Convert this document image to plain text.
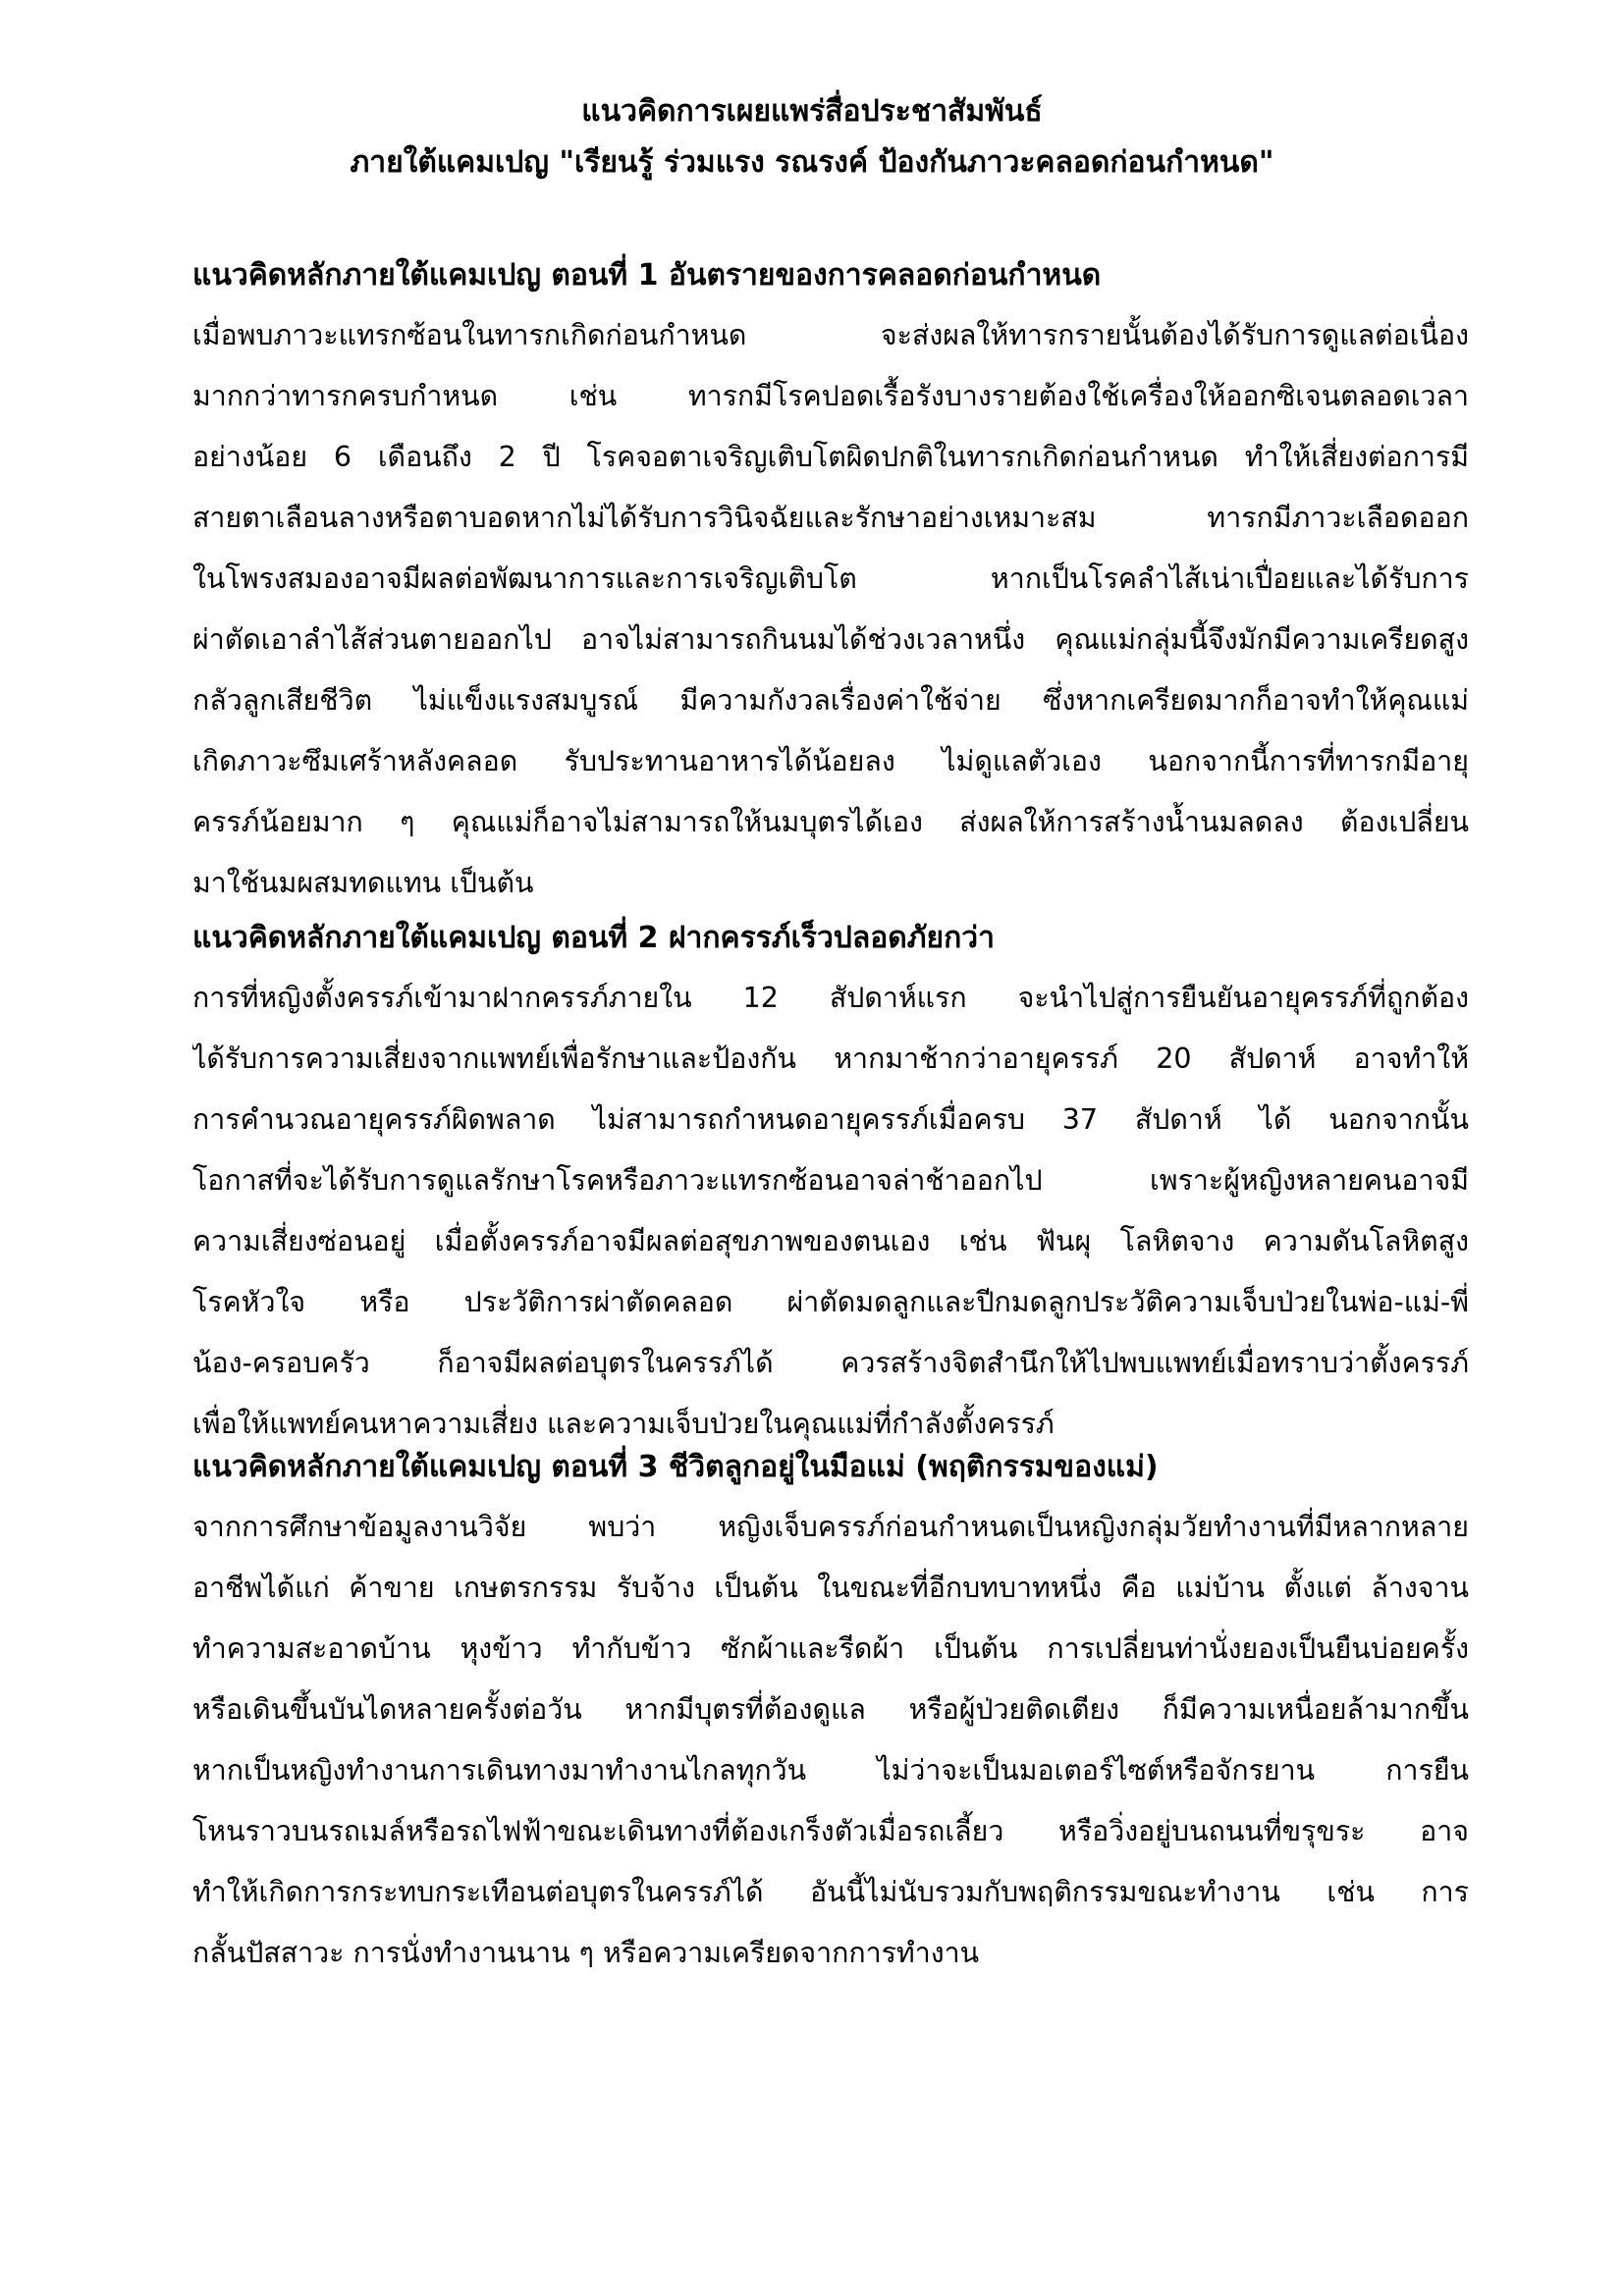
แนวคิดการเผยแพร่สื่อประชาสัมพันธ์
ภายใต้แคมเปญ "เรียนรู้ ร่วมแรง รณรงค์ ป้องกันภาวะคลอดก่อนกำหนด"
แนวคิดหลักภายใต้แคมเปญ ตอนที่ 1 อันตรายของการคลอดก่อนกำหนด
เมื่อพบภาวะแทรกซ้อนในทารกเกิดก่อนกำหนด จะส่งผลให้ทารกรายนั้นต้องได้รับการดูแลต่อเนื่อง
มากกว่าทารกครบกำหนด เช่น ทารกมีโรคปอดเรื้อรังบางรายต้องใช้เครื่องให้ออกซิเจนตลอดเวลา
อย่างน้อย 6 เดือนถึง 2 ปี โรคจอตาเจริญเติบโตผิดปกติในทารกเกิดก่อนกำหนด ทำให้เสี่ยงต่อการมี
สายตาเลือนลางหรือตาบอดหากไม่ได้รับการวินิจฉัยและรักษาอย่างเหมาะสม ทารกมีภาวะเลือดออก
ในโพรงสมองอาจมีผลต่อพัฒนาการและการเจริญเติบโต หากเป็นโรคลำไส้เน่าเปื่อยและได้รับการ
ผ่าตัดเอาลำไส้ส่วนตายออกไป อาจไม่สามารถกินนมได้ช่วงเวลาหนึ่ง คุณแม่กลุ่มนี้จึงมักมีความเครียดสูง
กลัวลูกเสียชีวิต ไม่แข็งแรงสมบูรณ์ มีความกังวลเรื่องค่าใช้จ่าย ซึ่งหากเครียดมากก็อาจทำให้คุณแม่
เกิดภาวะซึมเศร้าหลังคลอด รับประทานอาหารได้น้อยลง ไม่ดูแลตัวเอง นอกจากนี้การที่ทารกมีอายุ
ครรภ์น้อยมาก ๆ คุณแม่ก็อาจไม่สามารถให้นมบุตรได้เอง ส่งผลให้การสร้างน้ำนมลดลง ต้องเปลี่ยน
มาใช้นมผสมทดแทน เป็นต้น
แนวคิดหลักภายใต้แคมเปญ ตอนที่ 2 ฝากครรภ์เร็วปลอดภัยกว่า
การที่หญิงตั้งครรภ์เข้ามาฝากครรภ์ภายใน 12 สัปดาห์แรก จะนำไปสู่การยืนยันอายุครรภ์ที่ถูกต้อง
ได้รับการความเสี่ยงจากแพทย์เพื่อรักษาและป้องกัน หากมาช้ากว่าอายุครรภ์ 20 สัปดาห์ อาจทำให้
การคำนวณอายุครรภ์ผิดพลาด ไม่สามารถกำหนดอายุครรภ์เมื่อครบ 37 สัปดาห์ ได้ นอกจากนั้น
โอกาสที่จะได้รับการดูแลรักษาโรคหรือภาวะแทรกซ้อนอาจล่าช้าออกไป เพราะผู้หญิงหลายคนอาจมี
ความเสี่ยงซ่อนอยู่ เมื่อตั้งครรภ์อาจมีผลต่อสุขภาพของตนเอง เช่น ฟันผุ โลหิตจาง ความดันโลหิตสูง
โรคหัวใจ หรือ ประวัติการผ่าตัดคลอด ผ่าตัดมดลูกและปีกมดลูกประวัติความเจ็บป่วยในพ่อ-แม่-พี่
น้อง-ครอบครัว ก็อาจมีผลต่อบุตรในครรภ์ได้ ควรสร้างจิตสำนึกให้ไปพบแพทย์เมื่อทราบว่าตั้งครรภ์
เพื่อให้แพทย์คนหาความเสี่ยง และความเจ็บป่วยในคุณแม่ที่กำลังตั้งครรภ์
แนวคิดหลักภายใต้แคมเปญ ตอนที่ 3 ชีวิตลูกอยู่ในมือแม่ (พฤติกรรมของแม่)
จากการศึกษาข้อมูลงานวิจัย พบว่า หญิงเจ็บครรภ์ก่อนกำหนดเป็นหญิงกลุ่มวัยทำงานที่มีหลากหลาย
อาชีพได้แก่ ค้าขาย เกษตรกรรม รับจ้าง เป็นต้น ในขณะที่อีกบทบาทหนึ่ง คือ แม่บ้าน ตั้งแต่ ล้างจาน
ทำความสะอาดบ้าน หุงข้าว ทำกับข้าว ซักผ้าและรีดผ้า เป็นต้น การเปลี่ยนท่านั่งยองเป็นยืนบ่อยครั้ง
หรือเดินขึ้นบันไดหลายครั้งต่อวัน หากมีบุตรที่ต้องดูแล หรือผู้ป่วยติดเตียง ก็มีความเหนื่อยล้ามากขึ้น
หากเป็นหญิงทำงานการเดินทางมาทำงานไกลทุกวัน ไม่ว่าจะเป็นมอเตอร์ไซต์หรือจักรยาน การยืน
โหนราวบนรถเมล์หรือรถไฟฟ้าขณะเดินทางที่ต้องเกร็งตัวเมื่อรถเลี้ยว หรือวิ่งอยู่บนถนนที่ขรุขระ อาจ
ทำให้เกิดการกระทบกระเทือนต่อบุตรในครรภ์ได้ อันนี้ไม่นับรวมกับพฤติกรรมขณะทำงาน เช่น การ
กลั้นปัสสาวะ การนั่งทำงานนาน ๆ หรือความเครียดจากการทำงาน
